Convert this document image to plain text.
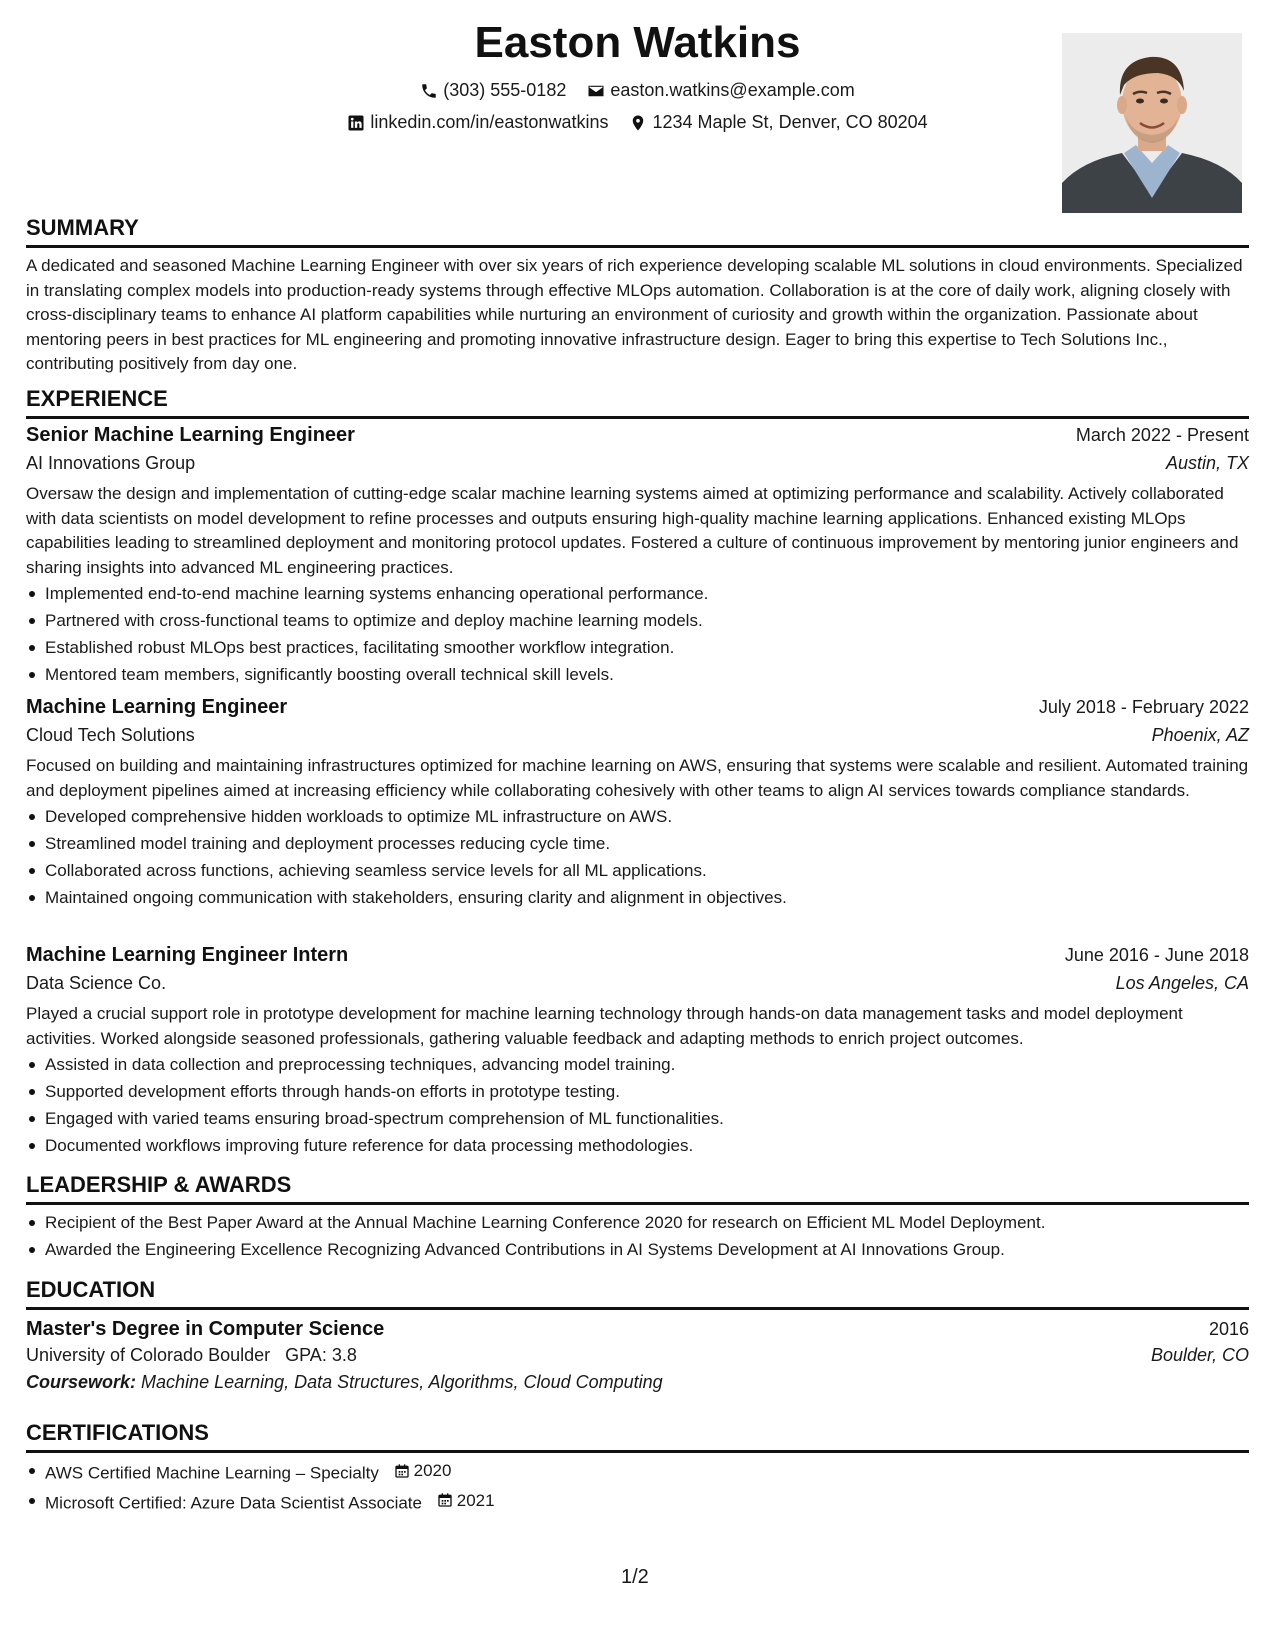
Easton Watkins
(303) 555-0182
easton.watkins@example.com
linkedin.com/in/eastonwatkins
1234 Maple St, Denver, CO 80204
SUMMARY
A dedicated and seasoned Machine Learning Engineer with over six years of rich experience developing scalable ML solutions in cloud environments. Specialized in translating complex models into production-ready systems through effective MLOps automation. Collaboration is at the core of daily work, aligning closely with cross-disciplinary teams to enhance AI platform capabilities while nurturing an environment of curiosity and growth within the organization. Passionate about mentoring peers in best practices for ML engineering and promoting innovative infrastructure design. Eager to bring this expertise to Tech Solutions Inc., contributing positively from day one.
EXPERIENCE
Senior Machine Learning Engineer	March 2022 - Present
AI Innovations Group	Austin, TX
Oversaw the design and implementation of cutting-edge scalar machine learning systems aimed at optimizing performance and scalability. Actively collaborated with data scientists on model development to refine processes and outputs ensuring high-quality machine learning applications. Enhanced existing MLOps capabilities leading to streamlined deployment and monitoring protocol updates. Fostered a culture of continuous improvement by mentoring junior engineers and sharing insights into advanced ML engineering practices.
Implemented end-to-end machine learning systems enhancing operational performance.
Partnered with cross-functional teams to optimize and deploy machine learning models.
Established robust MLOps best practices, facilitating smoother workflow integration.
Mentored team members, significantly boosting overall technical skill levels.
Machine Learning Engineer	July 2018 - February 2022
Cloud Tech Solutions	Phoenix, AZ
Focused on building and maintaining infrastructures optimized for machine learning on AWS, ensuring that systems were scalable and resilient. Automated training and deployment pipelines aimed at increasing efficiency while collaborating cohesively with other teams to align AI services towards compliance standards.
Developed comprehensive hidden workloads to optimize ML infrastructure on AWS.
Streamlined model training and deployment processes reducing cycle time.
Collaborated across functions, achieving seamless service levels for all ML applications.
Maintained ongoing communication with stakeholders, ensuring clarity and alignment in objectives.
Machine Learning Engineer Intern	June 2016 - June 2018
Data Science Co.	Los Angeles, CA
Played a crucial support role in prototype development for machine learning technology through hands-on data management tasks and model deployment activities. Worked alongside seasoned professionals, gathering valuable feedback and adapting methods to enrich project outcomes.
Assisted in data collection and preprocessing techniques, advancing model training.
Supported development efforts through hands-on efforts in prototype testing.
Engaged with varied teams ensuring broad-spectrum comprehension of ML functionalities.
Documented workflows improving future reference for data processing methodologies.
LEADERSHIP & AWARDS
Recipient of the Best Paper Award at the Annual Machine Learning Conference 2020 for research on Efficient ML Model Deployment.
Awarded the Engineering Excellence Recognizing Advanced Contributions in AI Systems Development at AI Innovations Group.
EDUCATION
Master's Degree in Computer Science	2016
University of Colorado Boulder GPA: 3.8	Boulder, CO
Coursework: Machine Learning, Data Structures, Algorithms, Cloud Computing
CERTIFICATIONS
AWS Certified Machine Learning – Specialty 2020
Microsoft Certified: Azure Data Scientist Associate 2021
1/2
